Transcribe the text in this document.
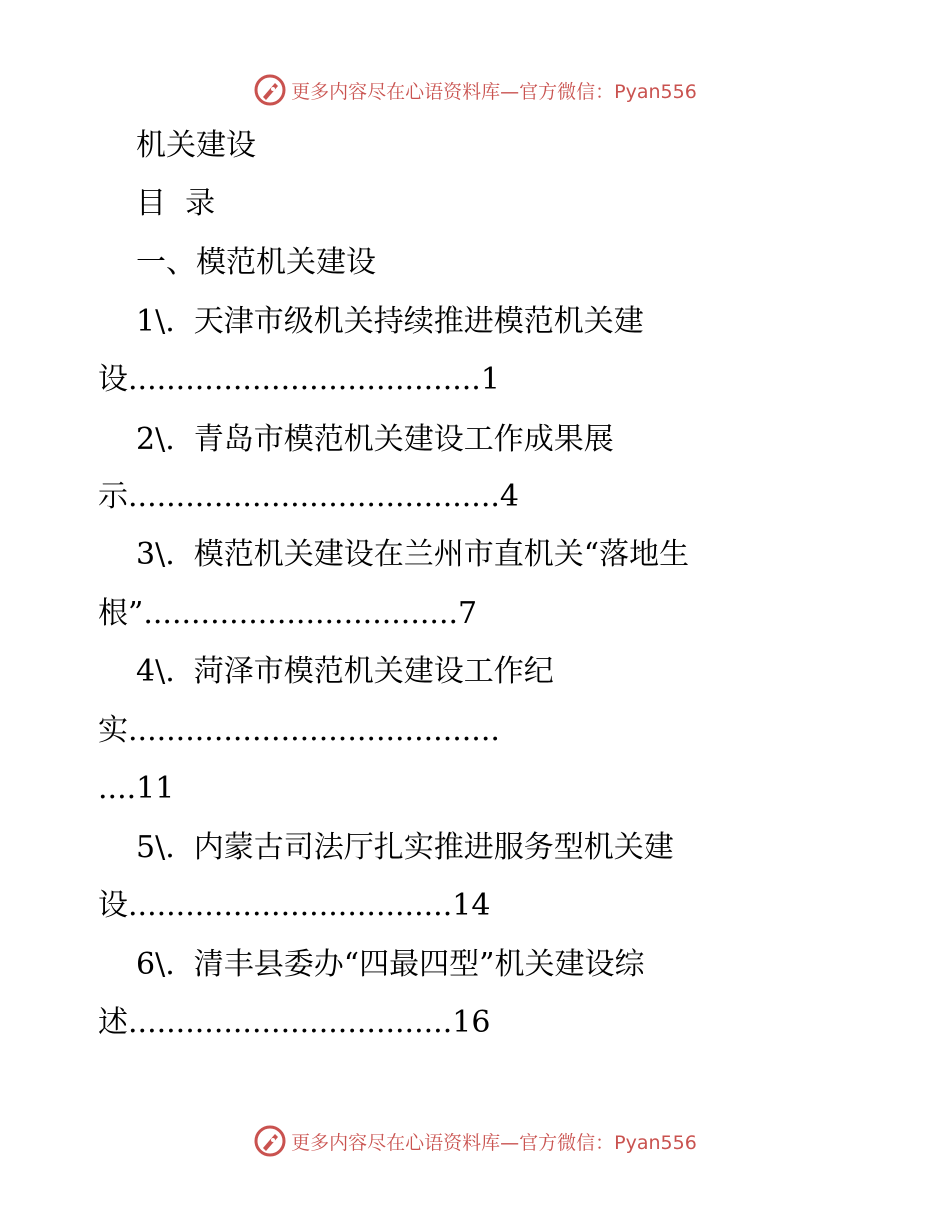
更多内容尽在心语资料库—官方微信：Pyan556
机关建设
目  录
一、模范机关建设
1\.  天津市级机关持续推进模范机关建
设.....................................1
2\.  青岛市模范机关建设工作成果展
示.......................................4
3\.  模范机关建设在兰州市直机关“落地生
根”.................................7
4\.  菏泽市模范机关建设工作纪
实.......................................
....11
5\.  内蒙古司法厅扎实推进服务型机关建
设..................................14
6\.  清丰县委办“四最四型”机关建设综
述..................................16
更多内容尽在心语资料库—官方微信：Pyan556
